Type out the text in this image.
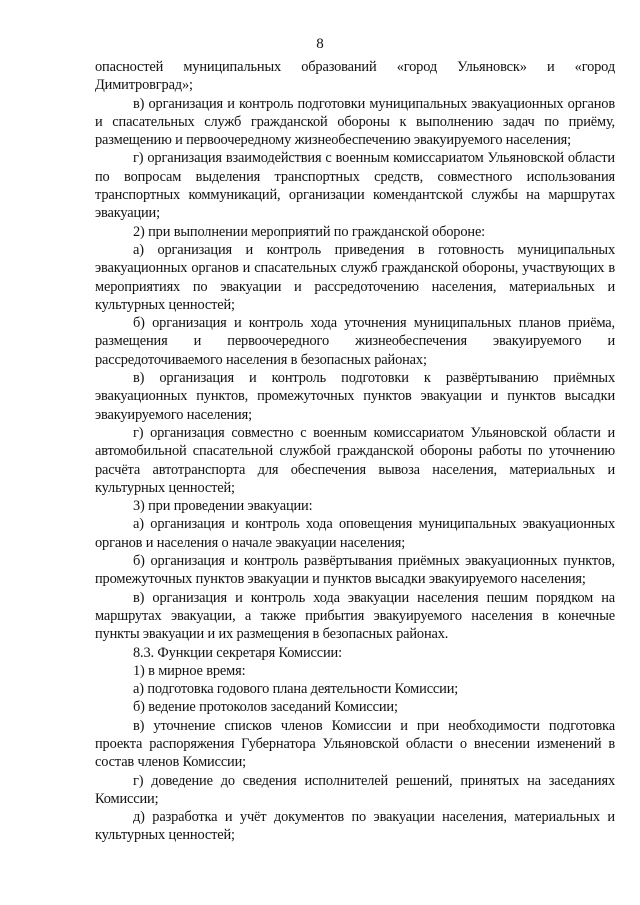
8

опасностей муниципальных образований «город Ульяновск» и «город Димитровград»;

в) организация и контроль подготовки муниципальных эвакуационных органов и спасательных служб гражданской обороны к выполнению задач по приёму, размещению и первоочередному жизнеобеспечению эвакуируемого населения;

г) организация взаимодействия с военным комиссариатом Ульяновской области по вопросам выделения транспортных средств, совместного использования транспортных коммуникаций, организации комендантской службы на маршрутах эвакуации;

2) при выполнении мероприятий по гражданской обороне:

а) организация и контроль приведения в готовность муниципальных эвакуационных органов и спасательных служб гражданской обороны, участвующих в мероприятиях по эвакуации и рассредоточению населения, материальных и культурных ценностей;

б) организация и контроль хода уточнения муниципальных планов приёма, размещения и первоочередного жизнеобеспечения эвакуируемого и рассредоточиваемого населения в безопасных районах;

в) организация и контроль подготовки к развёртыванию приёмных эвакуационных пунктов, промежуточных пунктов эвакуации и пунктов высадки эвакуируемого населения;

г) организация совместно с военным комиссариатом Ульяновской области и автомобильной спасательной службой гражданской обороны работы по уточнению расчёта автотранспорта для обеспечения вывоза населения, материальных и культурных ценностей;

3) при проведении эвакуации:

а) организация и контроль хода оповещения муниципальных эвакуационных органов и населения о начале эвакуации населения;

б) организация и контроль развёртывания приёмных эвакуационных пунктов, промежуточных пунктов эвакуации и пунктов высадки эвакуируемого населения;

в) организация и контроль хода эвакуации населения пешим порядком на маршрутах эвакуации, а также прибытия эвакуируемого населения в конечные пункты эвакуации и их размещения в безопасных районах.

8.3. Функции секретаря Комиссии:

1) в мирное время:

а) подготовка годового плана деятельности Комиссии;

б) ведение протоколов заседаний Комиссии;

в) уточнение списков членов Комиссии и при необходимости подготовка проекта распоряжения Губернатора Ульяновской области о внесении изменений в состав членов Комиссии;

г) доведение до сведения исполнителей решений, принятых на заседаниях Комиссии;

д) разработка и учёт документов по эвакуации населения, материальных и культурных ценностей;
